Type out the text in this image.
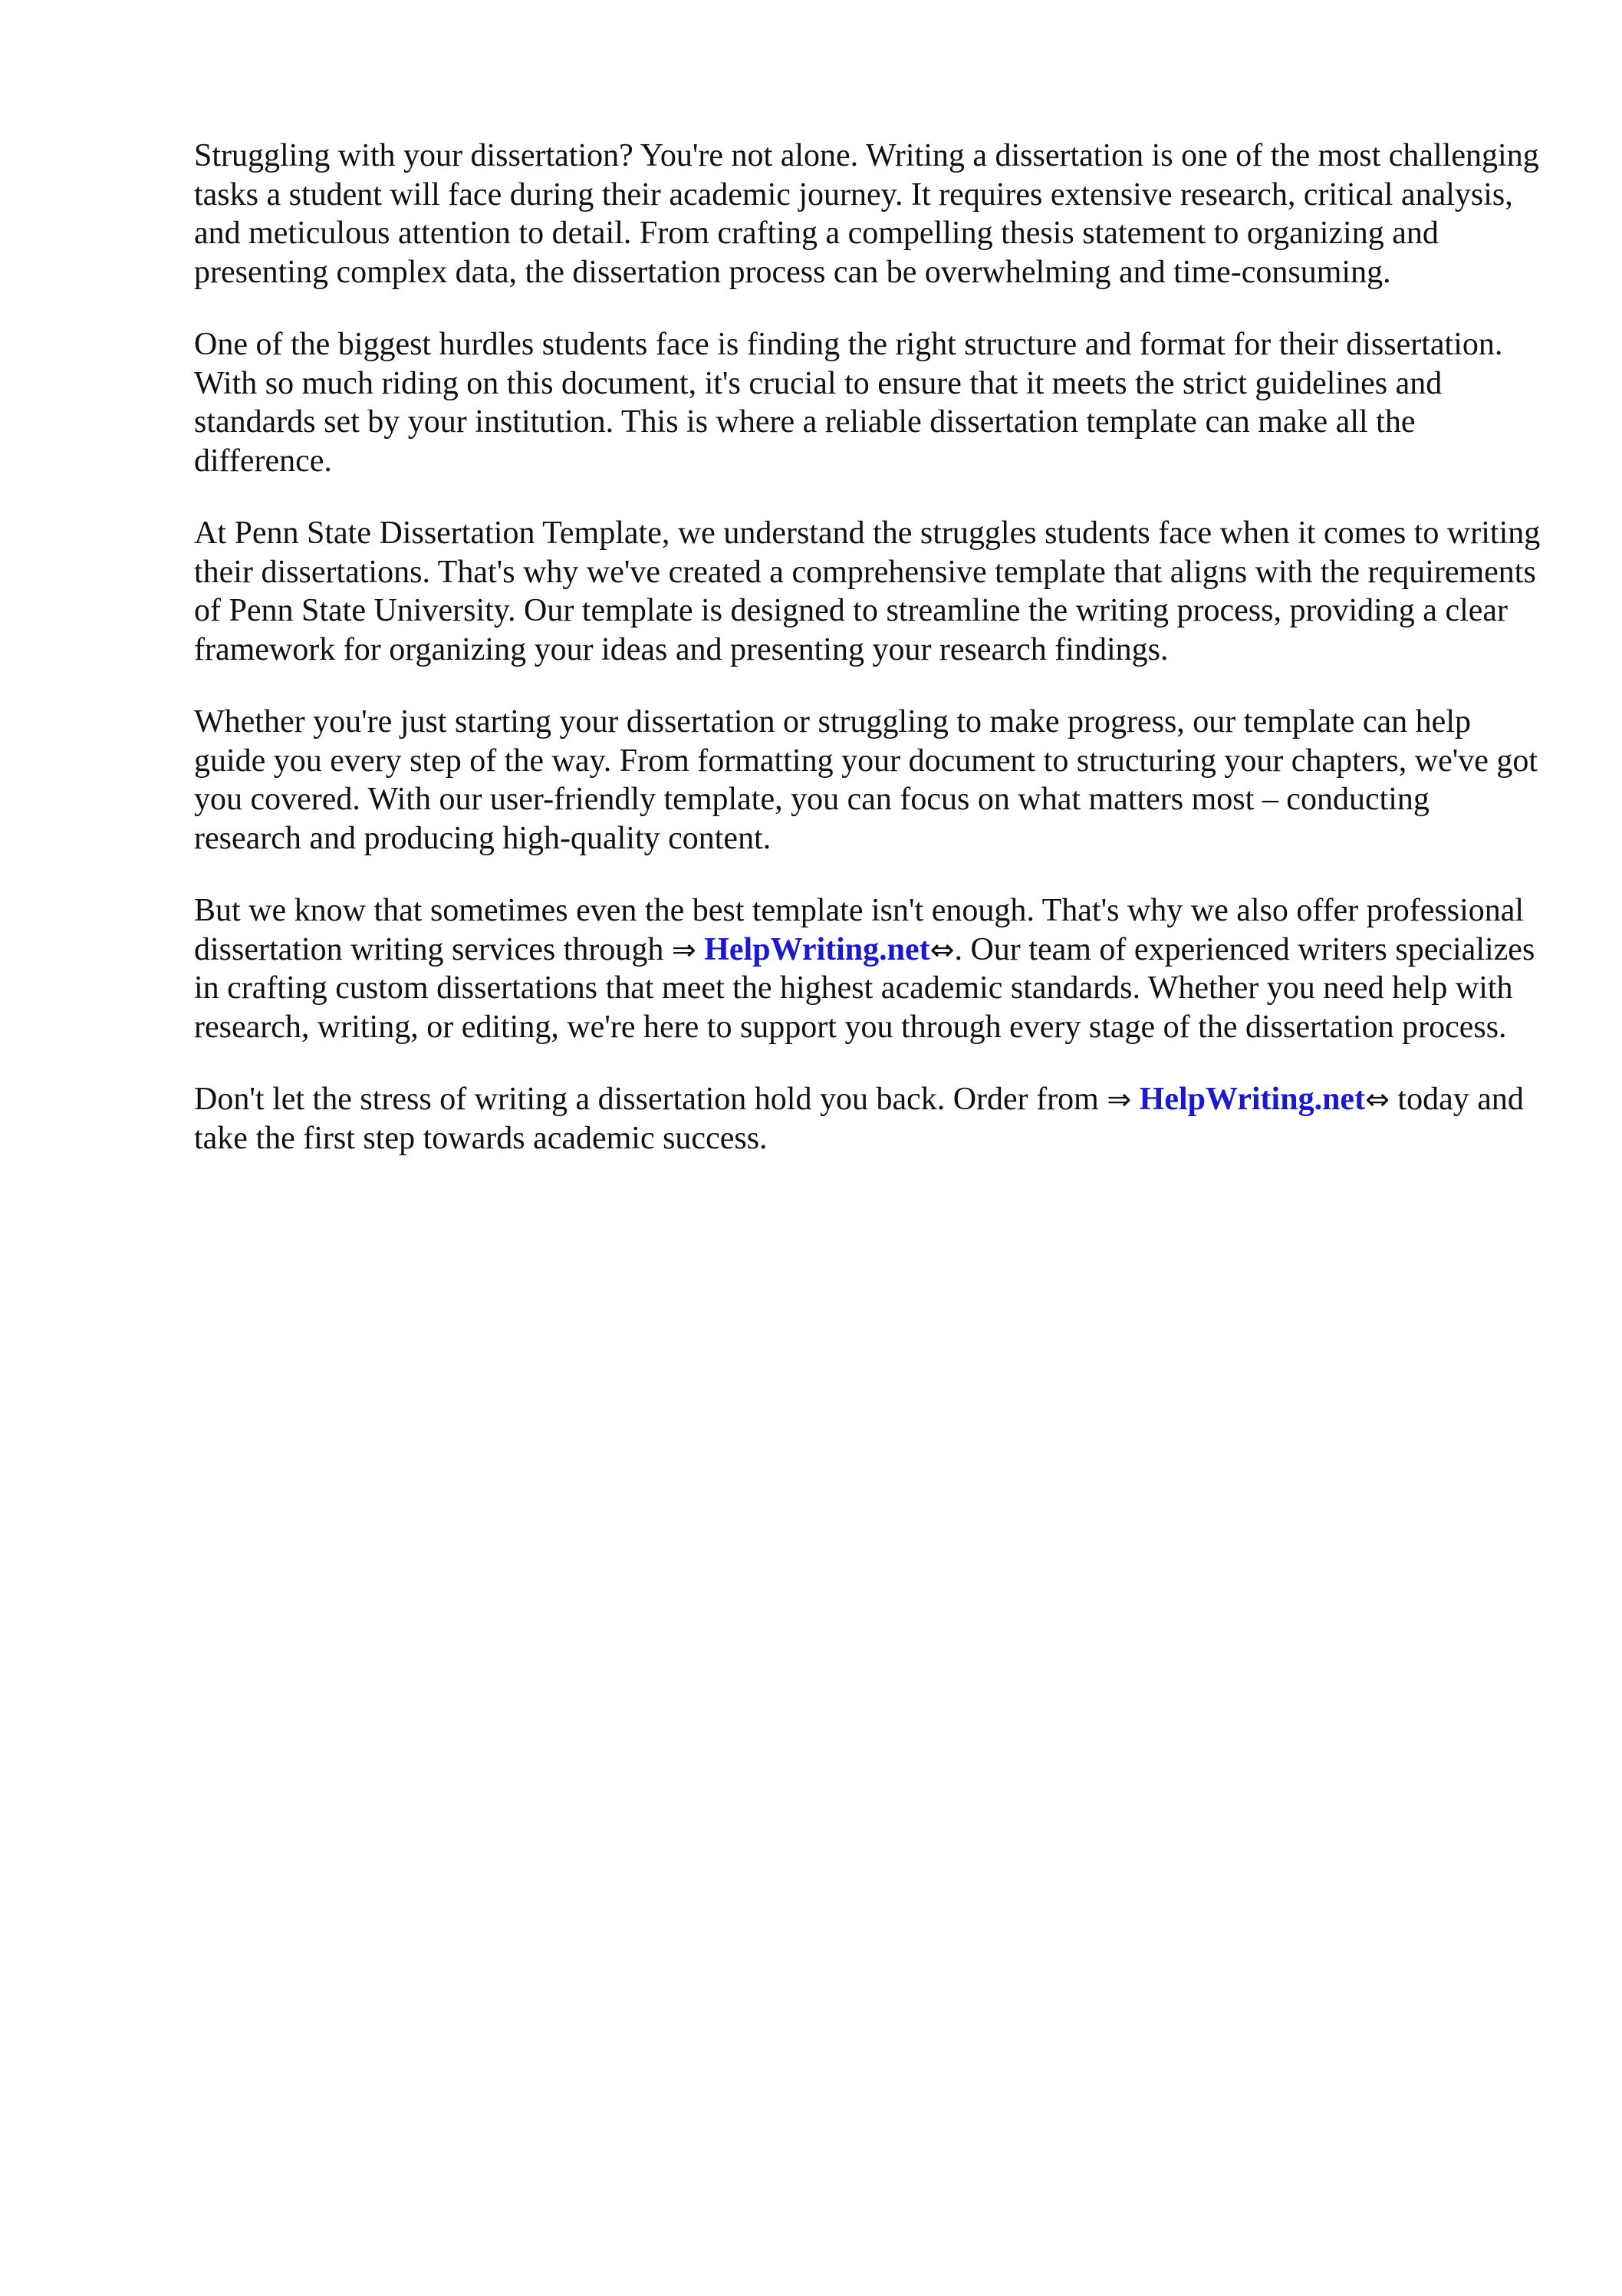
Struggling with your dissertation? You're not alone. Writing a dissertation is one of the most challenging tasks a student will face during their academic journey. It requires extensive research, critical analysis, and meticulous attention to detail. From crafting a compelling thesis statement to organizing and presenting complex data, the dissertation process can be overwhelming and time-consuming.

One of the biggest hurdles students face is finding the right structure and format for their dissertation. With so much riding on this document, it's crucial to ensure that it meets the strict guidelines and standards set by your institution. This is where a reliable dissertation template can make all the difference.

At Penn State Dissertation Template, we understand the struggles students face when it comes to writing their dissertations. That's why we've created a comprehensive template that aligns with the requirements of Penn State University. Our template is designed to streamline the writing process, providing a clear framework for organizing your ideas and presenting your research findings.

Whether you're just starting your dissertation or struggling to make progress, our template can help guide you every step of the way. From formatting your document to structuring your chapters, we've got you covered. With our user-friendly template, you can focus on what matters most – conducting research and producing high-quality content.

But we know that sometimes even the best template isn't enough. That's why we also offer professional dissertation writing services through ⇒ HelpWriting.net⇔. Our team of experienced writers specializes in crafting custom dissertations that meet the highest academic standards. Whether you need help with research, writing, or editing, we're here to support you through every stage of the dissertation process.

Don't let the stress of writing a dissertation hold you back. Order from ⇒ HelpWriting.net⇔ today and take the first step towards academic success.
